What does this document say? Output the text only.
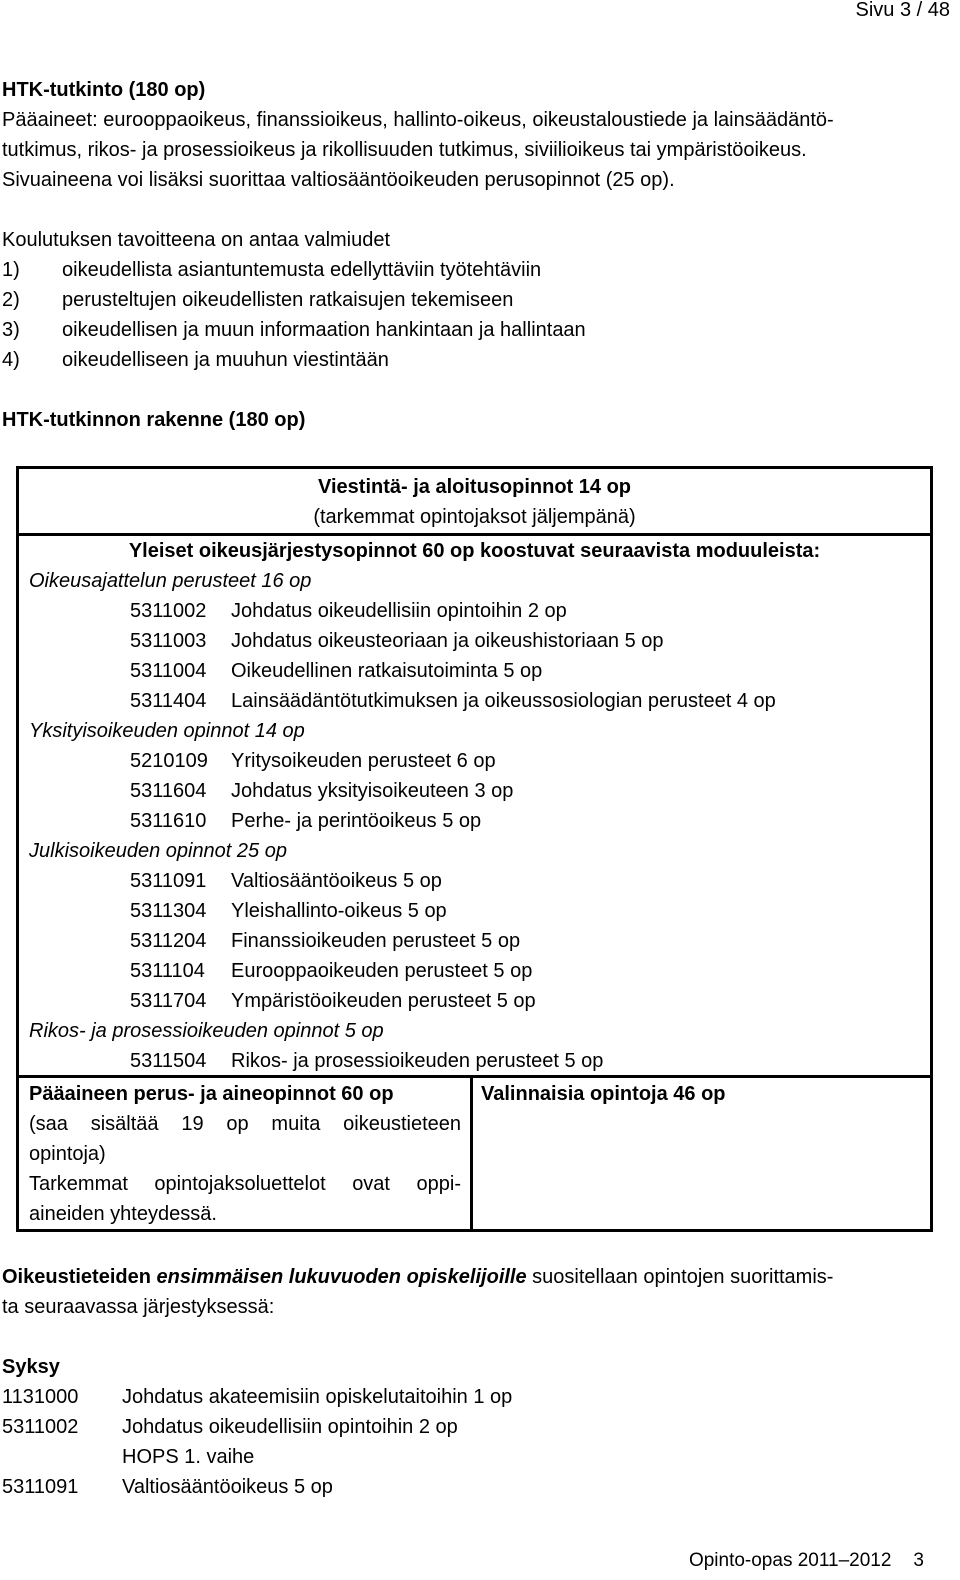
Sivu 3 / 48
HTK-tutkinto (180 op)
Pääaineet: eurooppaoikeus, finanssioikeus, hallinto-oikeus, oikeustaloustiede ja lainsäädäntö-
tutkimus, rikos- ja prosessioikeus ja rikollisuuden tutkimus, siviilioikeus tai ympäristöoikeus.
Sivuaineena voi lisäksi suorittaa valtiosääntöoikeuden perusopinnot (25 op).
Koulutuksen tavoitteena on antaa valmiudet
1) oikeudellista asiantuntemusta edellyttäviin työtehtäviin
2) perusteltujen oikeudellisten ratkaisujen tekemiseen
3) oikeudellisen ja muun informaation hankintaan ja hallintaan
4) oikeudelliseen ja muuhun viestintään
HTK-tutkinnon rakenne (180 op)
Viestintä- ja aloitusopinnot 14 op
(tarkemmat opintojaksot jäljempänä)
Yleiset oikeusjärjestysopinnot 60 op koostuvat seuraavista moduuleista:
Oikeusajattelun perusteet 16 op
5311002 Johdatus oikeudellisiin opintoihin 2 op
5311003 Johdatus oikeusteoriaan ja oikeushistoriaan 5 op
5311004 Oikeudellinen ratkaisutoiminta 5 op
5311404 Lainsäädäntötutkimuksen ja oikeussosiologian perusteet 4 op
Yksityisoikeuden opinnot 14 op
5210109 Yritysoikeuden perusteet 6 op
5311604 Johdatus yksityisoikeuteen 3 op
5311610 Perhe- ja perintöoikeus 5 op
Julkisoikeuden opinnot 25 op
5311091 Valtiosääntöoikeus 5 op
5311304 Yleishallinto-oikeus 5 op
5311204 Finanssioikeuden perusteet 5 op
5311104 Eurooppaoikeuden perusteet 5 op
5311704 Ympäristöoikeuden perusteet 5 op
Rikos- ja prosessioikeuden opinnot 5 op
5311504 Rikos- ja prosessioikeuden perusteet 5 op
Pääaineen perus- ja aineopinnot 60 op
(saa sisältää 19 op muita oikeustieteen
opintoja)
Tarkemmat opintojaksoluettelot ovat oppi-
aineiden yhteydessä.
Valinnaisia opintoja 46 op
Oikeustieteiden ensimmäisen lukuvuoden opiskelijoille suositellaan opintojen suorittamis-
ta seuraavassa järjestyksessä:
Syksy
1131000 Johdatus akateemisiin opiskelutaitoihin 1 op
5311002 Johdatus oikeudellisiin opintoihin 2 op
HOPS 1. vaihe
5311091 Valtiosääntöoikeus 5 op
Opinto-opas 2011–2012 3
